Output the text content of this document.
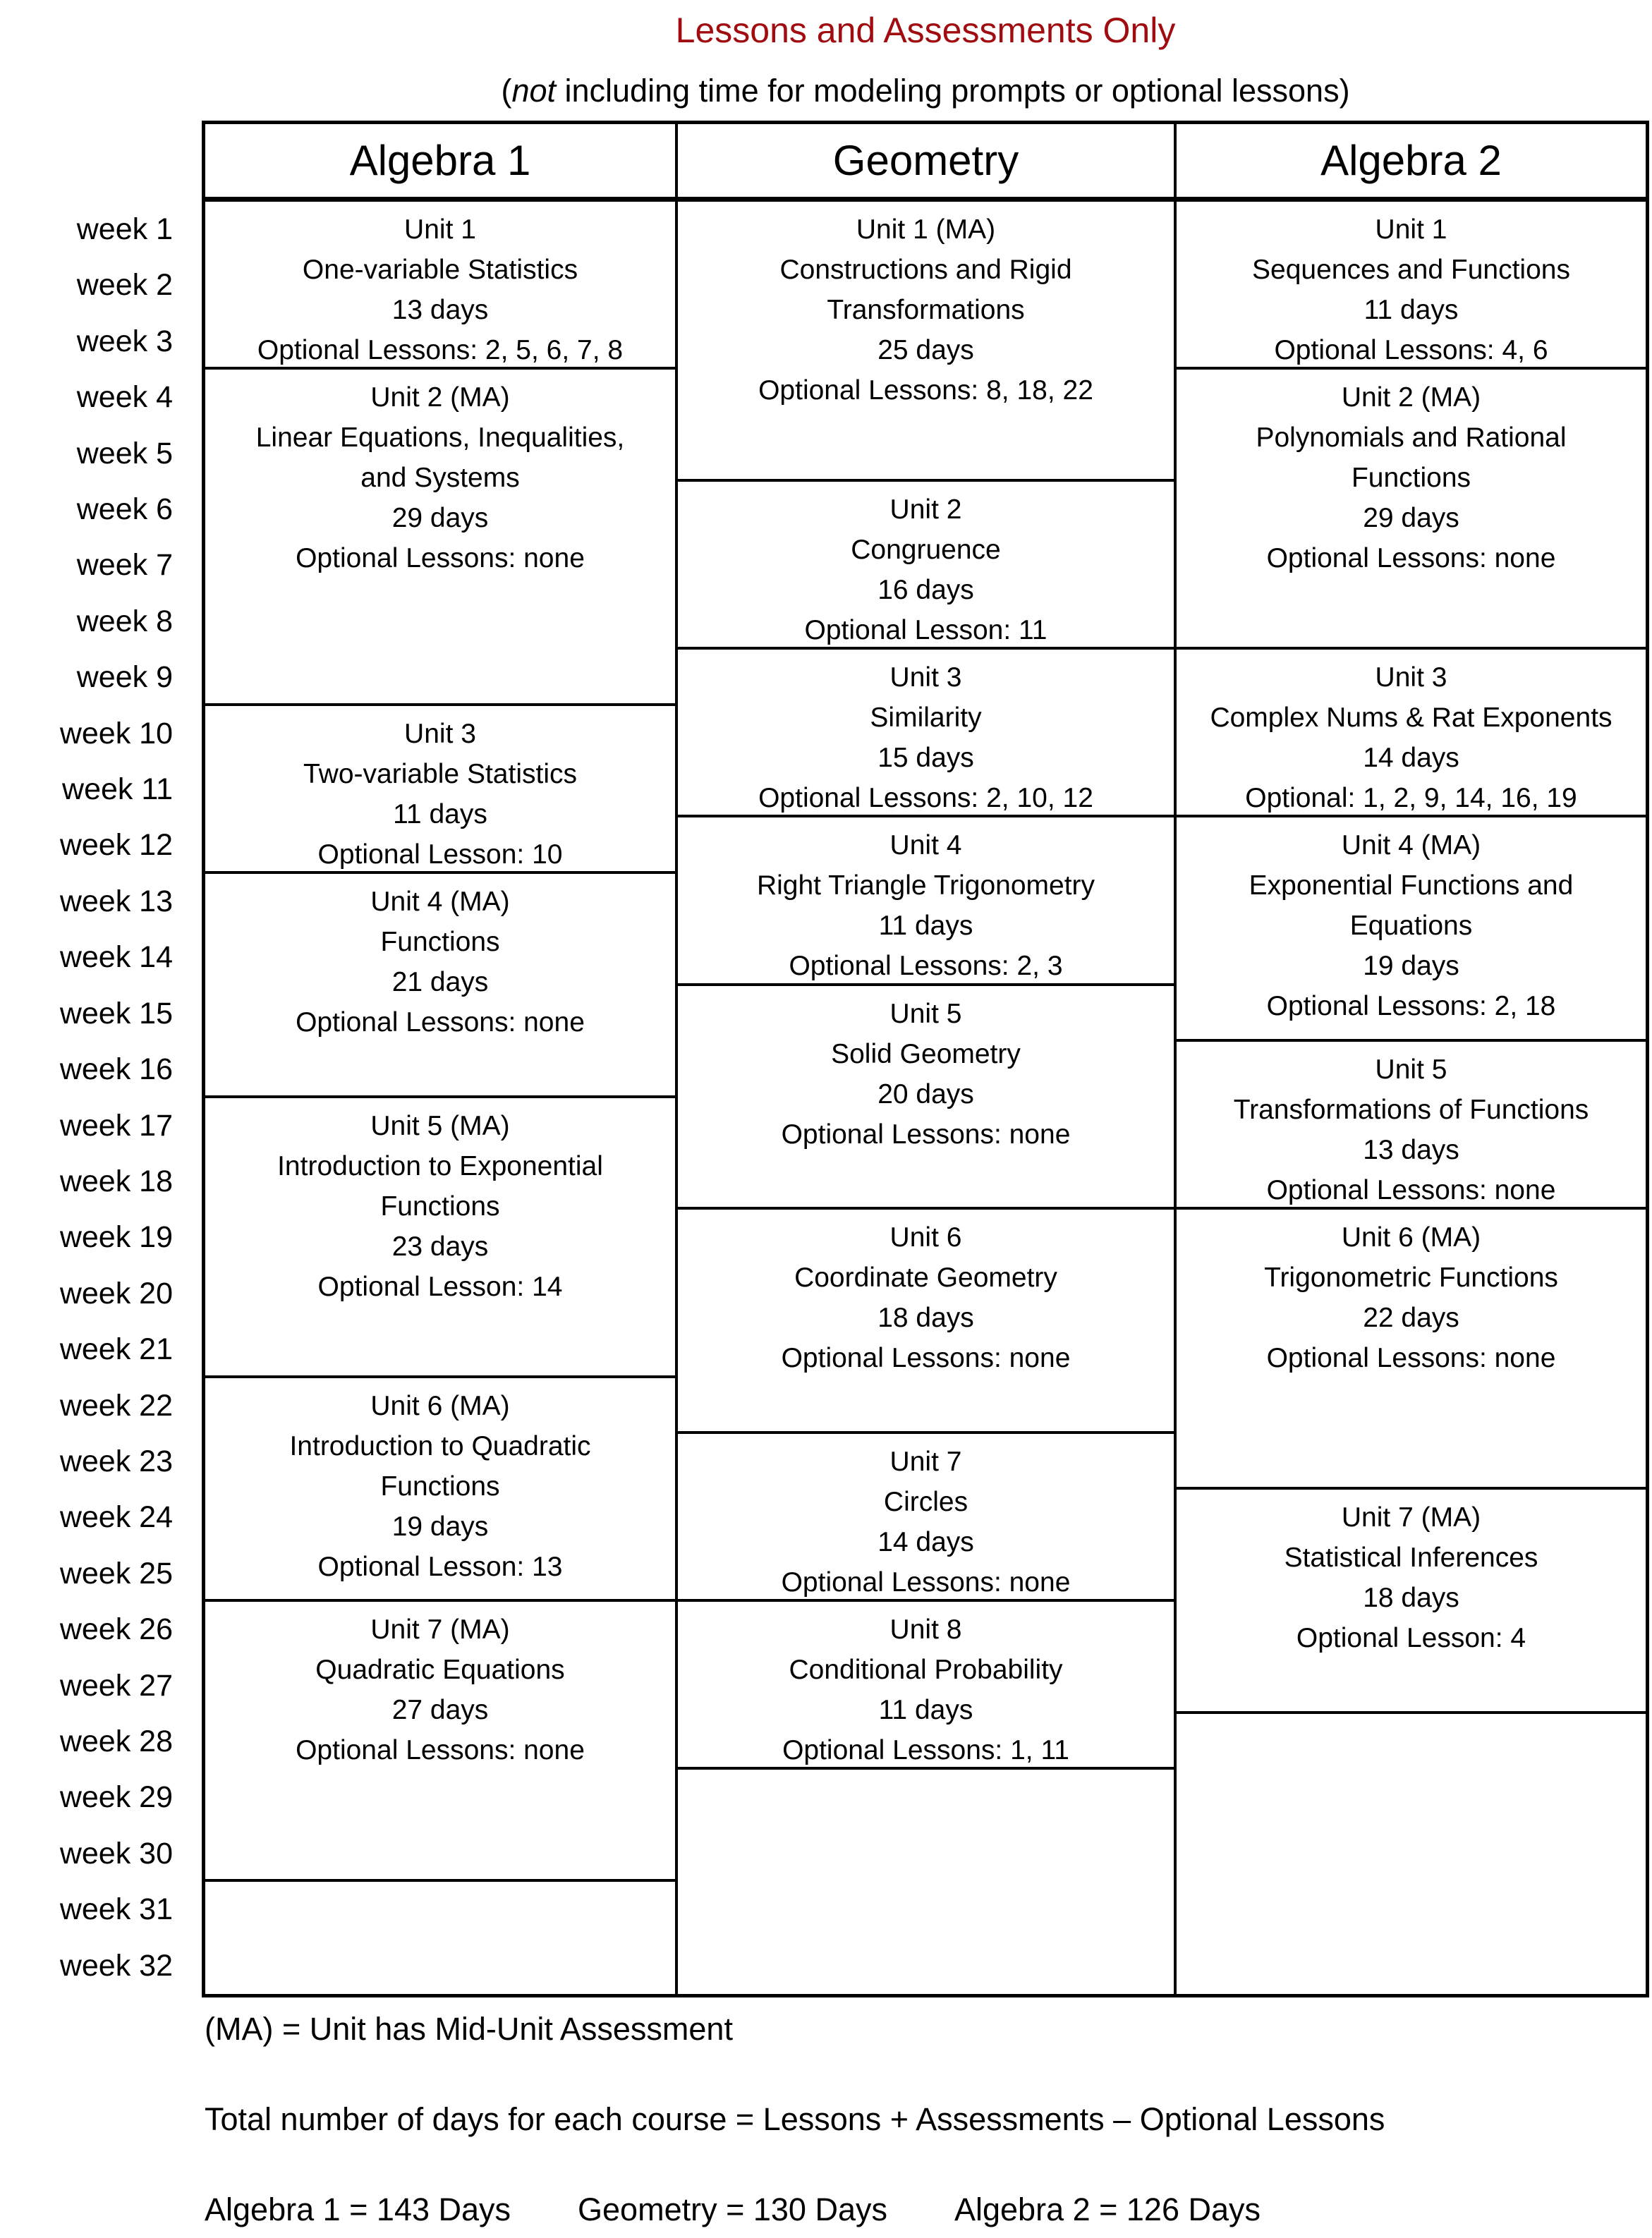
Lessons and Assessments Only
(not including time for modeling prompts or optional lessons)
Algebra 1	Geometry	Algebra 2
Unit 1
One-variable Statistics
13 days
Optional Lessons: 2, 5, 6, 7, 8
Unit 2 (MA)
Linear Equations, Inequalities,
and Systems
29 days
Optional Lessons: none
Unit 3
Two-variable Statistics
11 days
Optional Lesson: 10
Unit 4 (MA)
Functions
21 days
Optional Lessons: none
Unit 5 (MA)
Introduction to Exponential
Functions
23 days
Optional Lesson: 14
Unit 6 (MA)
Introduction to Quadratic
Functions
19 days
Optional Lesson: 13
Unit 7 (MA)
Quadratic Equations
27 days
Optional Lessons: none
Unit 1 (MA)
Constructions and Rigid
Transformations
25 days
Optional Lessons: 8, 18, 22
Unit 2
Congruence
16 days
Optional Lesson: 11
Unit 3
Similarity
15 days
Optional Lessons: 2, 10, 12
Unit 4
Right Triangle Trigonometry
11 days
Optional Lessons: 2, 3
Unit 5
Solid Geometry
20 days
Optional Lessons: none
Unit 6
Coordinate Geometry
18 days
Optional Lessons: none
Unit 7
Circles
14 days
Optional Lessons: none
Unit 8
Conditional Probability
11 days
Optional Lessons: 1, 11
Unit 1
Sequences and Functions
11 days
Optional Lessons: 4, 6
Unit 2 (MA)
Polynomials and Rational
Functions
29 days
Optional Lessons: none
Unit 3
Complex Nums & Rat Exponents
14 days
Optional: 1, 2, 9, 14, 16, 19
Unit 4 (MA)
Exponential Functions and
Equations
19 days
Optional Lessons: 2, 18
Unit 5
Transformations of Functions
13 days
Optional Lessons: none
Unit 6 (MA)
Trigonometric Functions
22 days
Optional Lessons: none
Unit 7 (MA)
Statistical Inferences
18 days
Optional Lesson: 4
week 1
week 2
week 3
week 4
week 5
week 6
week 7
week 8
week 9
week 10
week 11
week 12
week 13
week 14
week 15
week 16
week 17
week 18
week 19
week 20
week 21
week 22
week 23
week 24
week 25
week 26
week 27
week 28
week 29
week 30
week 31
week 32
(MA) = Unit has Mid-Unit Assessment
Total number of days for each course = Lessons + Assessments – Optional Lessons
Algebra 1 = 143 Days Geometry = 130 Days Algebra 2 = 126 Days
